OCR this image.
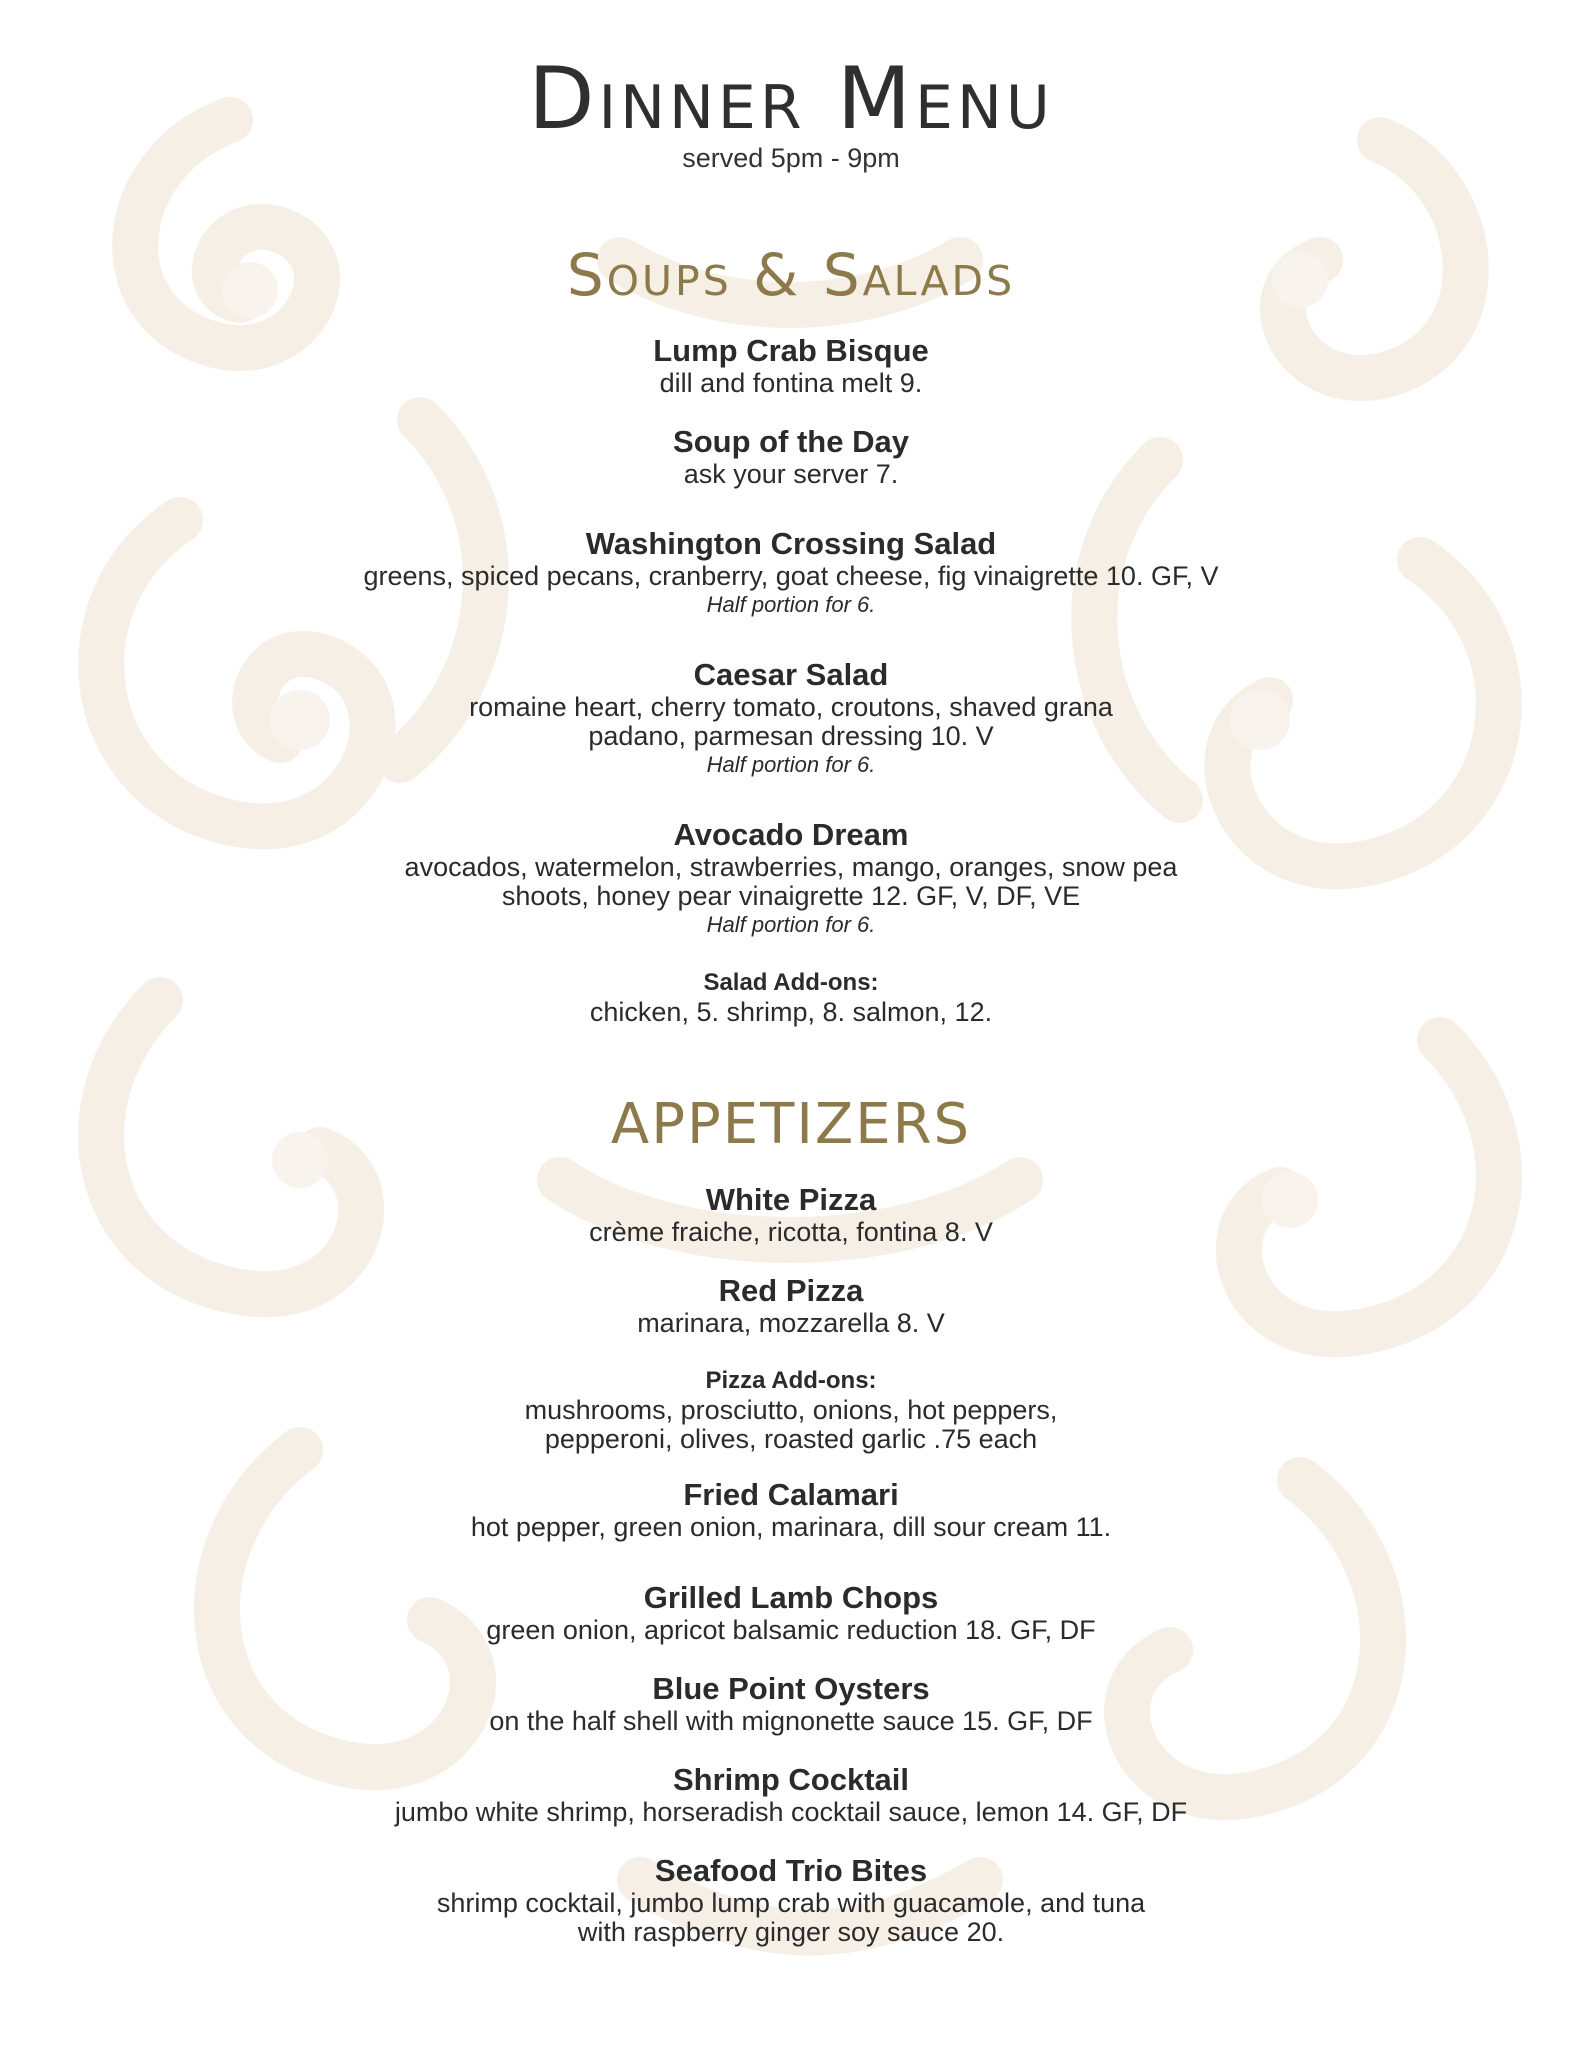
Dinner Menu
served 5pm - 9pm
Soups & Salads
Lump Crab Bisque
dill and fontina melt 9.
Soup of the Day
ask your server 7.
Washington Crossing Salad
greens, spiced pecans, cranberry, goat cheese, fig vinaigrette 10. GF, V
Half portion for 6.
Caesar Salad
romaine heart, cherry tomato, croutons, shaved grana
padano, parmesan dressing 10. V
Half portion for 6.
Avocado Dream
avocados, watermelon, strawberries, mango, oranges, snow pea
shoots, honey pear vinaigrette 12. GF, V, DF, VE
Half portion for 6.
Salad Add-ons:
chicken, 5. shrimp, 8. salmon, 12.
APPETIZERS
White Pizza
crème fraiche, ricotta, fontina 8. V
Red Pizza
marinara, mozzarella 8. V
Pizza Add-ons:
mushrooms, prosciutto, onions, hot peppers,
pepperoni, olives, roasted garlic .75 each
Fried Calamari
hot pepper, green onion, marinara, dill sour cream 11.
Grilled Lamb Chops
green onion, apricot balsamic reduction 18. GF, DF
Blue Point Oysters
on the half shell with mignonette sauce 15. GF, DF
Shrimp Cocktail
jumbo white shrimp, horseradish cocktail sauce, lemon 14. GF, DF
Seafood Trio Bites
shrimp cocktail, jumbo lump crab with guacamole, and tuna
with raspberry ginger soy sauce 20.
